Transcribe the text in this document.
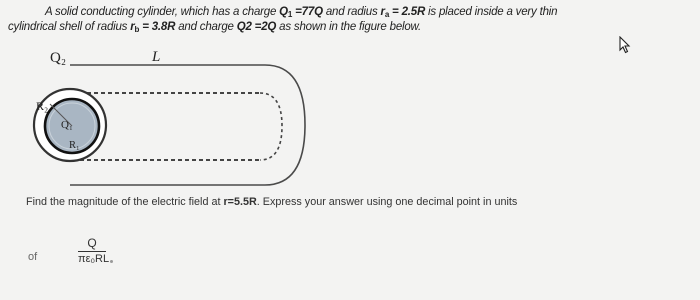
A solid conducting cylinder, which has a charge $Q_1 =77Q$ and radius $r_a = 2.5R$ is placed inside a very thin
cylindrical shell of radius $r_b = 3.8R$ and charge Q2 =2Q as shown in the figure below.
Q₂	L
R₂
Q₁
R₁
Find the magnitude of the electric field at r=5.5R. Express your answer using one decimal point in units
of
Q
πε₀RL
